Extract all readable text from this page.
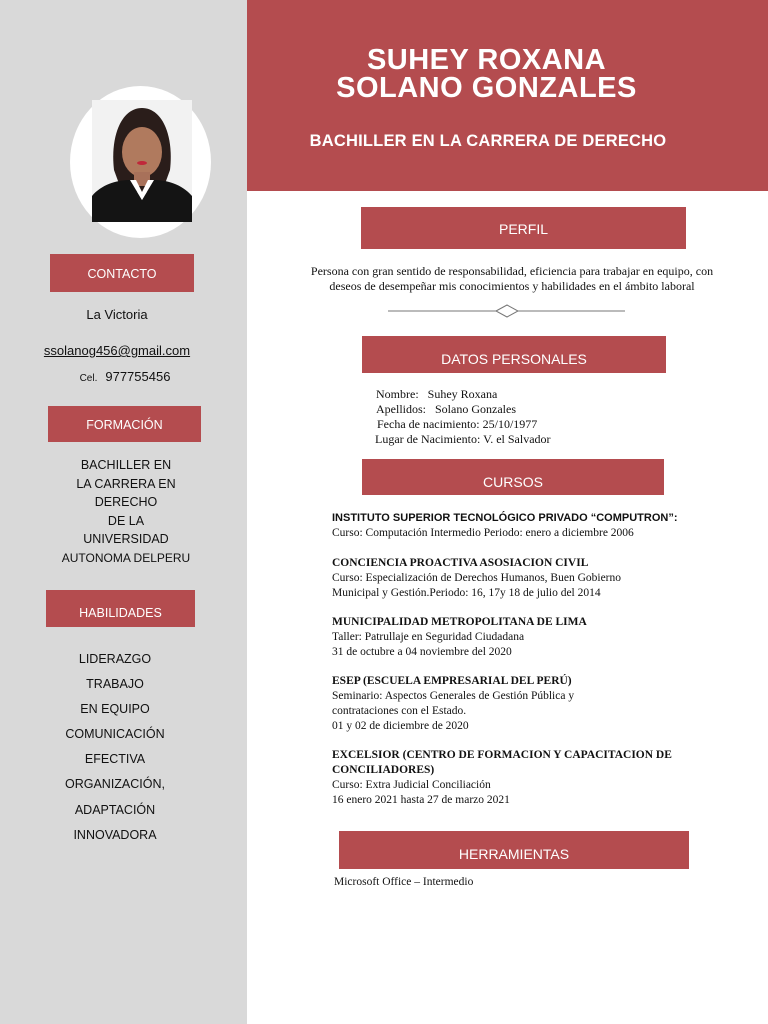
CONTACTO
La Victoria
ssolanog456@gmail.com
Cel. 977755456
FORMACIÓN
BACHILLER EN
LA CARRERA EN
DERECHO
DE LA
UNIVERSIDAD
AUTONOMA DELPERU
HABILIDADES
LIDERAZGO
TRABAJO
EN EQUIPO
COMUNICACIÓN
EFECTIVA
ORGANIZACIÓN,
ADAPTACIÓN
INNOVADORA
SUHEY ROXANA
SOLANO GONZALES
BACHILLER EN LA CARRERA DE DERECHO
PERFIL
Persona con gran sentido de responsabilidad, eficiencia para trabajar en equipo, con
deseos de desempeñar mis conocimientos y habilidades en el ámbito laboral
DATOS PERSONALES
Nombre: Suhey Roxana
Apellidos: Solano Gonzales
Fecha de nacimiento: 25/10/1977
Lugar de Nacimiento: V. el Salvador
CURSOS
INSTITUTO SUPERIOR TECNOLÓGICO PRIVADO “COMPUTRON”:
Curso: Computación Intermedio Periodo: enero a diciembre 2006
CONCIENCIA PROACTIVA ASOSIACION CIVIL
Curso: Especialización de Derechos Humanos, Buen Gobierno
Municipal y Gestión.Periodo: 16, 17y 18 de julio del 2014
MUNICIPALIDAD METROPOLITANA DE LIMA
Taller: Patrullaje en Seguridad Ciudadana
31 de octubre a 04 noviembre del 2020
ESEP (ESCUELA EMPRESARIAL DEL PERÚ)
Seminario: Aspectos Generales de Gestión Pública y
contrataciones con el Estado.
01 y 02 de diciembre de 2020
EXCELSIOR (CENTRO DE FORMACION Y CAPACITACION DE
CONCILIADORES)
Curso: Extra Judicial Conciliación
16 enero 2021 hasta 27 de marzo 2021
HERRAMIENTAS
Microsoft Office – Intermedio
